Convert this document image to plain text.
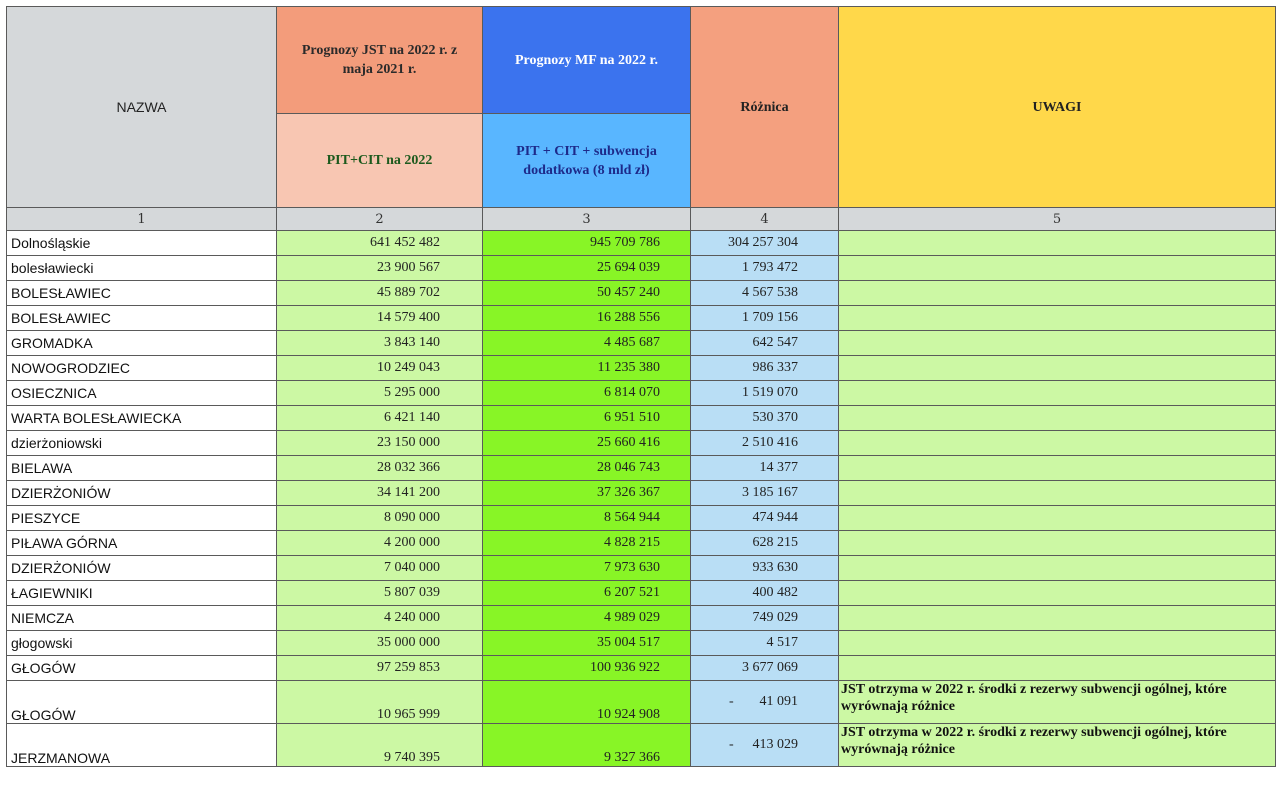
NAZWA	Prognozy JST na 2022 r. z maja 2021 r.	Prognozy MF na 2022 r.	Różnica	UWAGI
	PIT+CIT na 2022	PIT + CIT + subwencja dodatkowa (8 mld zł)		
1	2	3	4	5
Dolnośląskie	641 452 482	945 709 786	304 257 304	
bolesławiecki	23 900 567	25 694 039	1 793 472	
BOLESŁAWIEC	45 889 702	50 457 240	4 567 538	
BOLESŁAWIEC	14 579 400	16 288 556	1 709 156	
GROMADKA	3 843 140	4 485 687	642 547	
NOWOGRODZIEC	10 249 043	11 235 380	986 337	
OSIECZNICA	5 295 000	6 814 070	1 519 070	
WARTA BOLESŁAWIECKA	6 421 140	6 951 510	530 370	
dzierżoniowski	23 150 000	25 660 416	2 510 416	
BIELAWA	28 032 366	28 046 743	14 377	
DZIERŻONIÓW	34 141 200	37 326 367	3 185 167	
PIESZYCE	8 090 000	8 564 944	474 944	
PIŁAWA GÓRNA	4 200 000	4 828 215	628 215	
DZIERŻONIÓW	7 040 000	7 973 630	933 630	
ŁAGIEWNIKI	5 807 039	6 207 521	400 482	
NIEMCZA	4 240 000	4 989 029	749 029	
głogowski	35 000 000	35 004 517	4 517	
GŁOGÓW	97 259 853	100 936 922	3 677 069	
GŁOGÓW	10 965 999	10 924 908	- 41 091	JST otrzyma w 2022 r. środki z rezerwy subwencji ogólnej, które wyrównają różnice
JERZMANOWA	9 740 395	9 327 366	- 413 029	JST otrzyma w 2022 r. środki z rezerwy subwencji ogólnej, które wyrównają różnice
